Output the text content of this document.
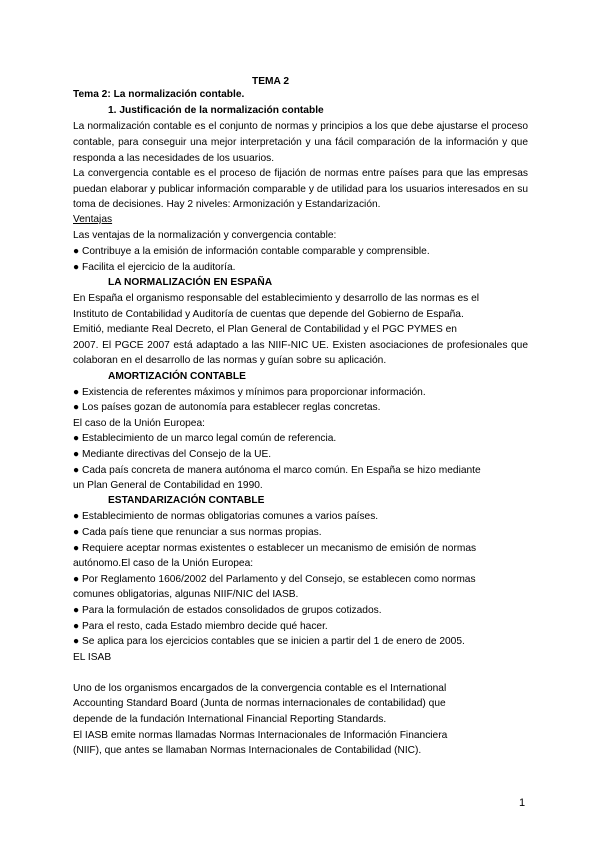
TEMA 2
Tema 2: La normalización contable.
1. Justificación de la normalización contable
La normalización contable es el conjunto de normas y principios a los que debe ajustarse el proceso
contable, para conseguir una mejor interpretación y una fácil comparación de la información y que
responda a las necesidades de los usuarios.
La convergencia contable es el proceso de fijación de normas entre países para que las empresas
puedan elaborar y publicar información comparable y de utilidad para los usuarios interesados en su
toma de decisiones. Hay 2 niveles: Armonización y Estandarización.
Ventajas
Las ventajas de la normalización y convergencia contable:
● Contribuye a la emisión de información contable comparable y comprensible.
● Facilita el ejercicio de la auditoría.
LA NORMALIZACIÓN EN ESPAÑA
En España el organismo responsable del establecimiento y desarrollo de las normas es el
Instituto de Contabilidad y Auditoría de cuentas que depende del Gobierno de España.
Emitió, mediante Real Decreto, el Plan General de Contabilidad y el PGC PYMES en
2007. El PGCE 2007 está adaptado a las NIIF-NIC UE. Existen asociaciones de profesionales que
colaboran en el desarrollo de las normas y guían sobre su aplicación.
AMORTIZACIÓN CONTABLE
● Existencia de referentes máximos y mínimos para proporcionar información.
● Los países gozan de autonomía para establecer reglas concretas.
El caso de la Unión Europea:
● Establecimiento de un marco legal común de referencia.
● Mediante directivas del Consejo de la UE.
● Cada país concreta de manera autónoma el marco común. En España se hizo mediante
un Plan General de Contabilidad en 1990.
ESTANDARIZACIÓN CONTABLE
● Establecimiento de normas obligatorias comunes a varios países.
● Cada país tiene que renunciar a sus normas propias.
● Requiere aceptar normas existentes o establecer un mecanismo de emisión de normas
autónomo.El caso de la Unión Europea:
● Por Reglamento 1606/2002 del Parlamento y del Consejo, se establecen como normas
comunes obligatorias, algunas NIIF/NIC del IASB.
● Para la formulación de estados consolidados de grupos cotizados.
● Para el resto, cada Estado miembro decide qué hacer.
● Se aplica para los ejercicios contables que se inicien a partir del 1 de enero de 2005.
EL ISAB
Uno de los organismos encargados de la convergencia contable es el International
Accounting Standard Board (Junta de normas internacionales de contabilidad) que
depende de la fundación International Financial Reporting Standards.
El IASB emite normas llamadas Normas Internacionales de Información Financiera
(NIIF), que antes se llamaban Normas Internacionales de Contabilidad (NIC).
1
